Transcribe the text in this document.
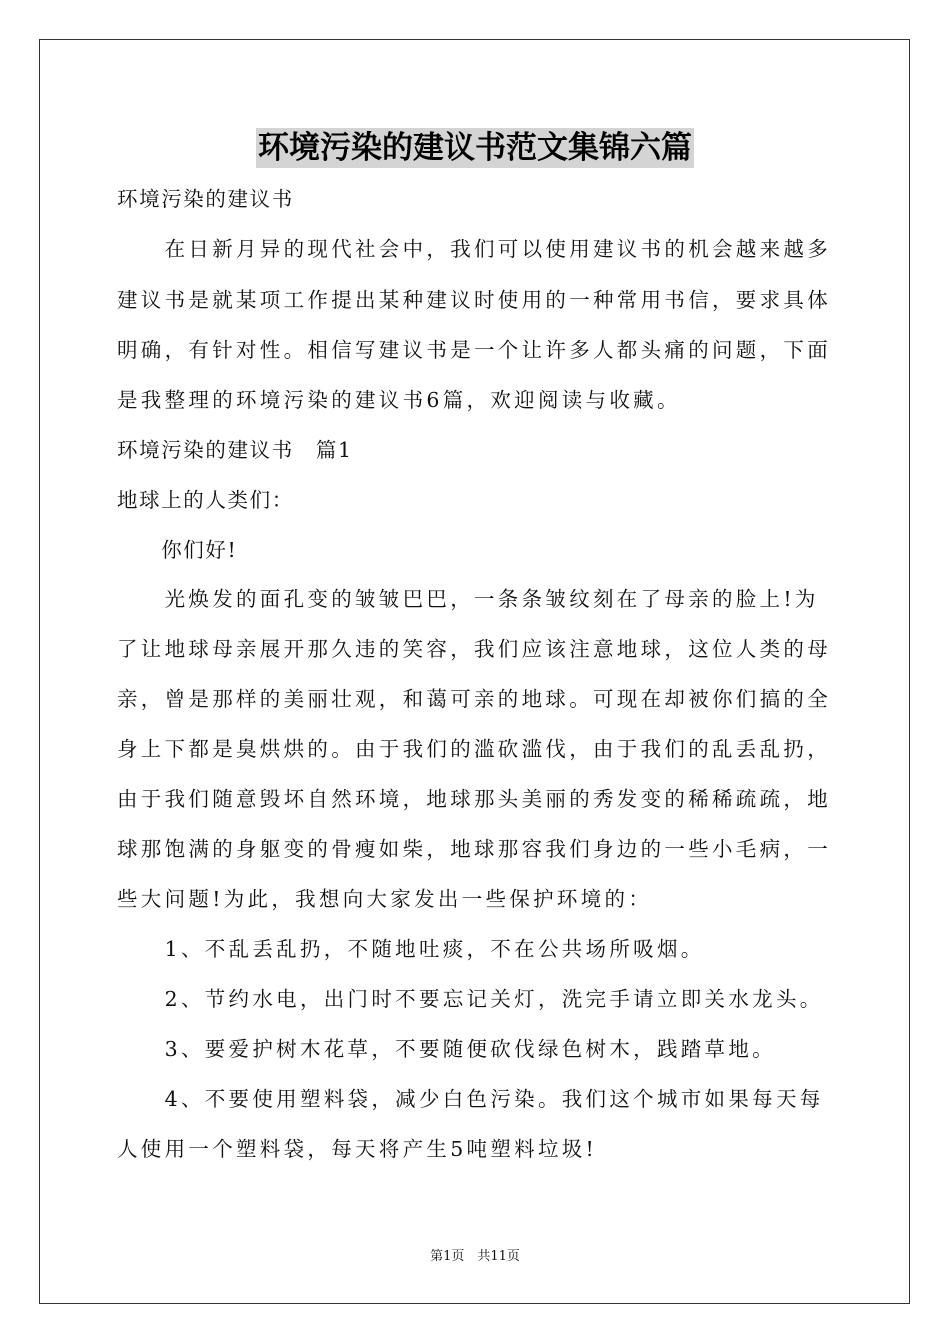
环境污染的建议书范文集锦六篇
环境污染的建议书
　　在日新月异的现代社会中，我们可以使用建议书的机会越来越多
建议书是就某项工作提出某种建议时使用的一种常用书信，要求具体
明确，有针对性。相信写建议书是一个让许多人都头痛的问题，下面
是我整理的环境污染的建议书6篇，欢迎阅读与收藏。
环境污染的建议书　篇1
地球上的人类们：
　　你们好!
　　光焕发的面孔变的皱皱巴巴，一条条皱纹刻在了母亲的脸上!为
了让地球母亲展开那久违的笑容，我们应该注意地球，这位人类的母
亲，曾是那样的美丽壮观，和蔼可亲的地球。可现在却被你们搞的全
身上下都是臭烘烘的。由于我们的滥砍滥伐，由于我们的乱丢乱扔，
由于我们随意毁坏自然环境，地球那头美丽的秀发变的稀稀疏疏，地
球那饱满的身躯变的骨瘦如柴，地球那容我们身边的一些小毛病，一
些大问题!为此，我想向大家发出一些保护环境的：
　　1、不乱丢乱扔，不随地吐痰，不在公共场所吸烟。
　　2、节约水电，出门时不要忘记关灯，洗完手请立即关水龙头。
　　3、要爱护树木花草，不要随便砍伐绿色树木，践踏草地。
　　4、不要使用塑料袋，减少白色污染。我们这个城市如果每天每
人使用一个塑料袋，每天将产生5吨塑料垃圾!
第1页　共11页
